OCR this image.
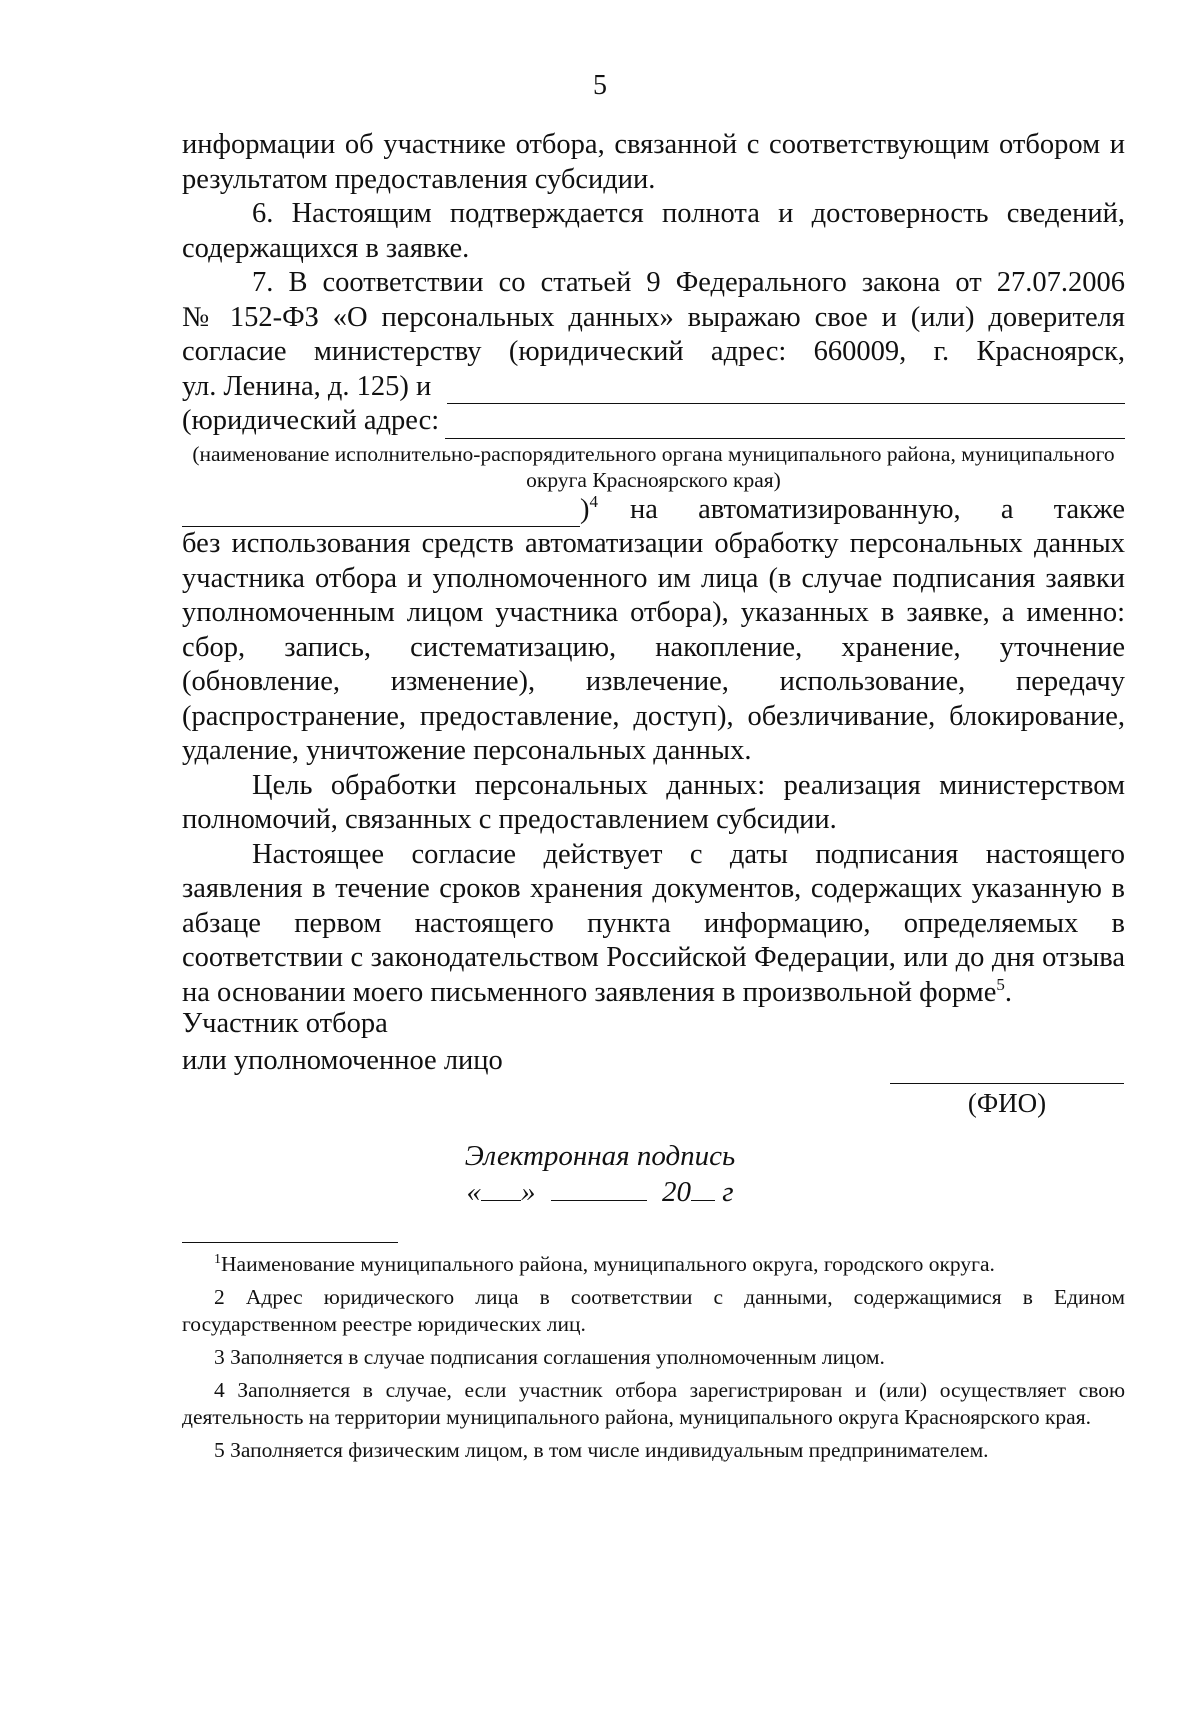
5

информации об участнике отбора, связанной с соответствующим отбором и результатом предоставления субсидии.

6. Настоящим подтверждается полнота и достоверность сведений, содержащихся в заявке.

7. В соответствии со статьей 9 Федерального закона от 27.07.2006

№ 152-ФЗ «О персональных данных» выражаю свое и (или) доверителя

согласие министерству (юридический адрес: 660009, г. Красноярск,

ул. Ленина, д. 125) и
(юридический адрес:

(наименование исполнительно-распорядительного органа муниципального района, муниципального округа Красноярского края)

)$^4$ на автоматизированную, а также

без использования средств автоматизации обработку персональных данных участника отбора и уполномоченного им лица (в случае подписания заявки уполномоченным лицом участника отбора), указанных в заявке, а именно: сбор, запись, систематизацию, накопление, хранение, уточнение (обновление, изменение), извлечение, использование, передачу (распространение, предоставление, доступ), обезличивание, блокирование, удаление, уничтожение персональных данных.

Цель обработки персональных данных: реализация министерством полномочий, связанных с предоставлением субсидии.

Настоящее согласие действует с даты подписания настоящего заявления в течение сроков хранения документов, содержащих указанную в абзаце первом настоящего пункта информацию, определяемых в соответствии с законодательством Российской Федерации, или до дня отзыва на основании моего письменного заявления в произвольной форме$^5$.

Участник отбора
или уполномоченное лицо
(ФИО)
Электронная подпись
« »	20 г

$^1$Наименование муниципального района, муниципального округа, городского округа.

2 Адрес юридического лица в соответствии с данными, содержащимися в Едином государственном реестре юридических лиц.

3 Заполняется в случае подписания соглашения уполномоченным лицом.

4 Заполняется в случае, если участник отбора зарегистрирован и (или) осуществляет свою деятельность на территории муниципального района, муниципального округа Красноярского края.

5 Заполняется физическим лицом, в том числе индивидуальным предпринимателем.
